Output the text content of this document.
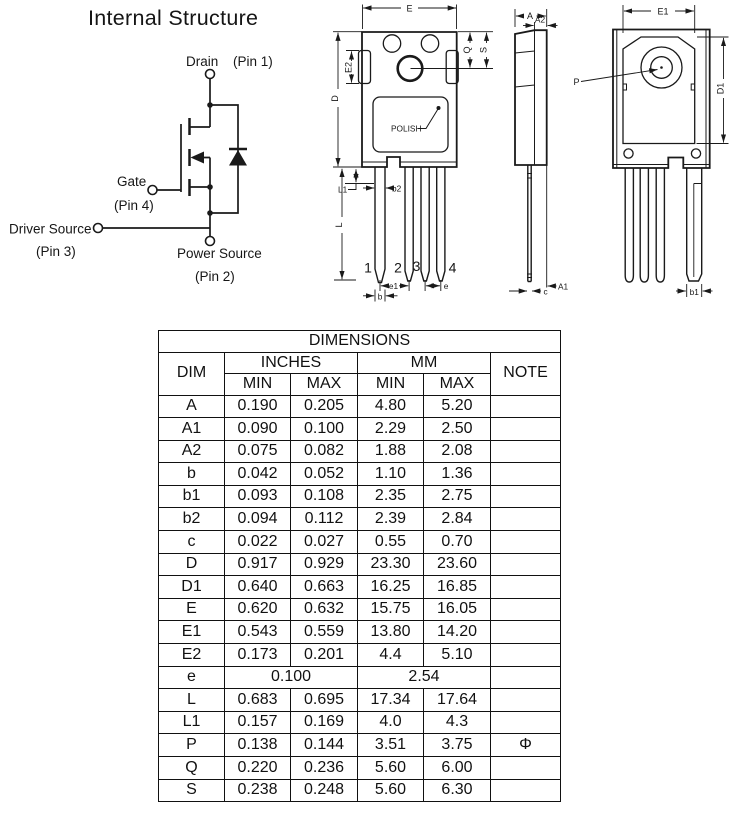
Internal Structure
Drain (Pin 1)
Gate
(Pin 4)
Driver Source
(Pin 3)	Power Source
(Pin 2)
POLISH
1 2 3 4
E
D
E2
Q S
L1	b2
L
e1	e
b
A A2
A1
c
E1
P
D1
b1
DIMENSIONS					
DIM	INCHES		MM		NOTE
	MIN	MAX	MIN	MAX	
A	0.190	0.205	4.80	5.20	
A1	0.090	0.100	2.29	2.50	
A2	0.075	0.082	1.88	2.08	
b	0.042	0.052	1.10	1.36	
b1	0.093	0.108	2.35	2.75	
b2	0.094	0.112	2.39	2.84	
c	0.022	0.027	0.55	0.70	
D	0.917	0.929	23.30	23.60	
D1	0.640	0.663	16.25	16.85	
E	0.620	0.632	15.75	16.05	
E1	0.543	0.559	13.80	14.20	
E2	0.173	0.201	4.4	5.10	
e	0.100		2.54		
L	0.683	0.695	17.34	17.64	
L1	0.157	0.169	4.0	4.3	
P	0.138	0.144	3.51	3.75	Φ
Q	0.220	0.236	5.60	6.00	
S	0.238	0.248	5.60	6.30	
